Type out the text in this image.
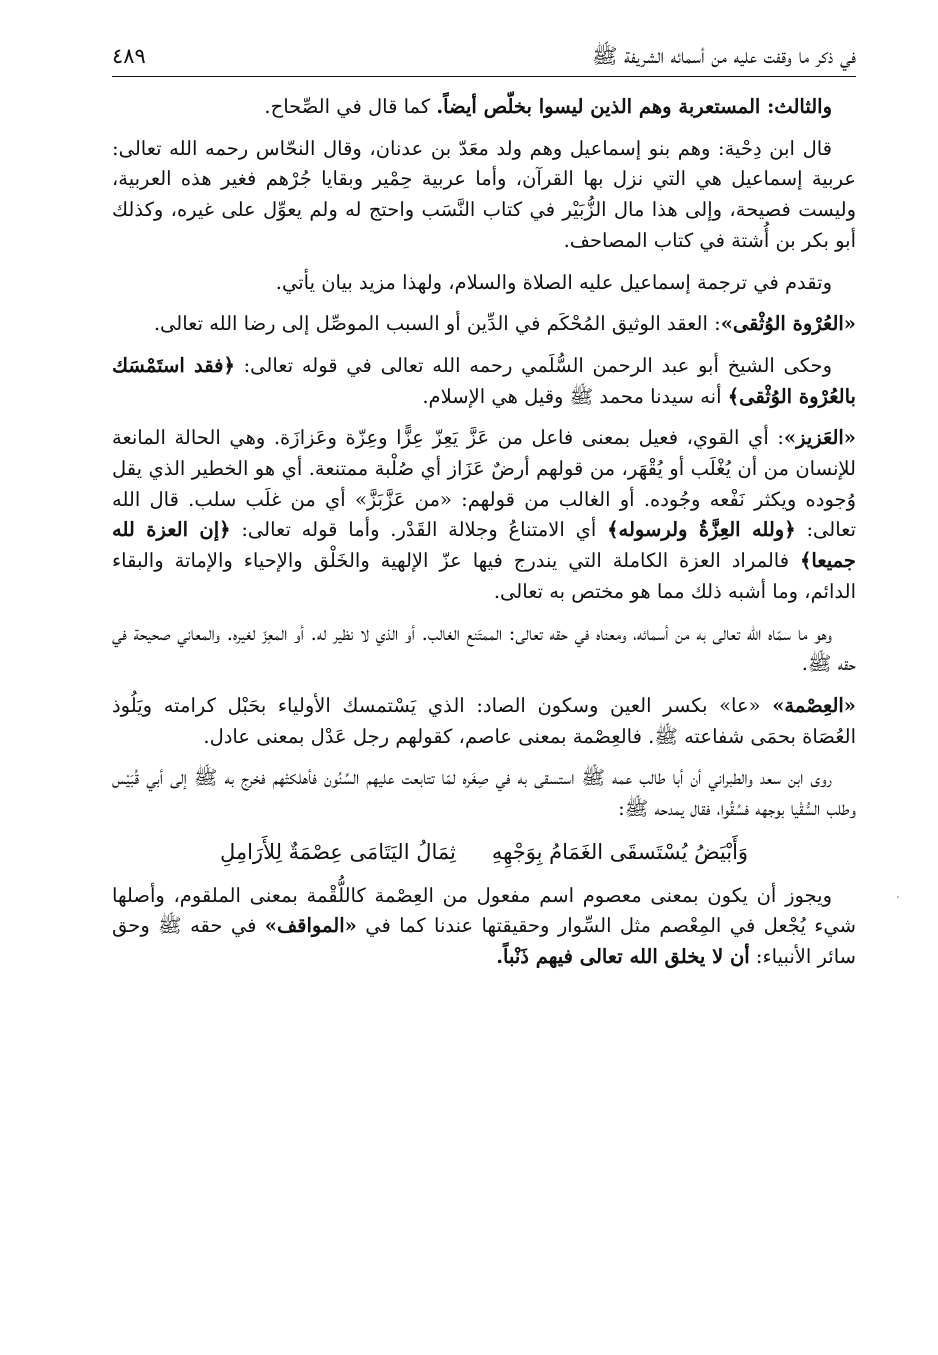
في ذكر ما وقفت عليه من أسمائه الشريفة ﷺ
٤٨٩

والثالث: المستعربة وهم الذين ليسوا بخلّص أيضاً. كما قال في الصِّحاح.

قال ابن دِحْية: وهم بنو إسماعيل وهم ولد معَدّ بن عدنان، وقال النحّاس رحمه الله تعالى: عربية إسماعيل هي التي نزل بها القرآن، وأما عربية حِمْير وبقايا جُرْهم فغير هذه العربية، وليست فصيحة، وإلى هذا مال الزُّبَيْر في كتاب النَّسَب واحتج له ولم يعوِّل على غيره، وكذلك أبو بكر بن أُشتة في كتاب المصاحف.

وتقدم في ترجمة إسماعيل عليه الصلاة والسلام، ولهذا مزيد بيان يأتي.

«العُرْوة الوُثْقى»: العقد الوثيق المُحْكَم في الدِّين أو السبب الموصِّل إلى رضا الله تعالى.

وحكى الشيخ أبو عبد الرحمن السُّلَمي رحمه الله تعالى في قوله تعالى: ﴿فقد استَمْسَك بالعُرْوة الوُثْقى﴾ أنه سيدنا محمد ﷺ وقيل هي الإسلام.

«العَزيز»: أي القوي، فعيل بمعنى فاعل من عَزَّ يَعِزّ عِزًّا وعِزّة وعَزازَة. وهي الحالة المانعة للإنسان من أن يُغْلَب أو يُقْهَر، من قولهم أرضٌ عَزَاز أي صُلْبة ممتنعة. أي هو الخطير الذي يقل وُجوده ويكثر نَفْعه وجُوده. أو الغالب من قولهم: «من عَزَّبَزَّ» أي من غلَب سلب. قال الله تعالى: ﴿ولله العِزَّةُ ولرسوله﴾ أي الامتناعُ وجلالة القَدْر. وأما قوله تعالى: ﴿إن العزة لله جميعا﴾ فالمراد العزة الكاملة التي يندرج فيها عزّ الإلهية والخَلْق والإحياء والإماتة والبقاء الدائم، وما أشبه ذلك مما هو مختص به تعالى.

وهو ما سمّاه الله تعالى به من أسمائه، ومعناه في حقه تعالى: الممتَنع الغالب. أو الذي لا نظير له. أو المعِزّ لغيره. والمعاني صحيحة في حقه ﷺ.

«العِصْمة» «عا» بكسر العين وسكون الصاد: الذي يَسْتمسك الأولياء بحَبْل كرامته ويَلُوذ العُصَاة بحمَى شفاعته ﷺ. فالعِصْمة بمعنى عاصم، كقولهم رجل عَدْل بمعنى عادل.

روى ابن سعد والطبراني أن أبا طالب عمه ﷺ استسقى به في صِغَره لمّا تتابعت عليهم السِّنُون فأهلكتْهم فخرج به ﷺ إلى أبي قُبَيْس وطلب السُّقْيا بوجهه فسُقُوا، فقال يمدحه ﷺ:

وَأَبْيَضُ يُسْتَسقَى الغَمَامُ بِوَجْهِهِ
ثِمَالُ اليَتَامَى عِصْمَةٌ لِلأَرَامِلِ

ويجوز أن يكون بمعنى معصوم اسم مفعول من العِصْمة كاللُّقْمة بمعنى الملقوم، وأصلها شيء يُجْعل في المِعْصم مثل السِّوار وحقيقتها عندنا كما في «المواقف» في حقه ﷺ وحق سائر الأنبياء: أن لا يخلق الله تعالى فيهم ذَنْباً.
